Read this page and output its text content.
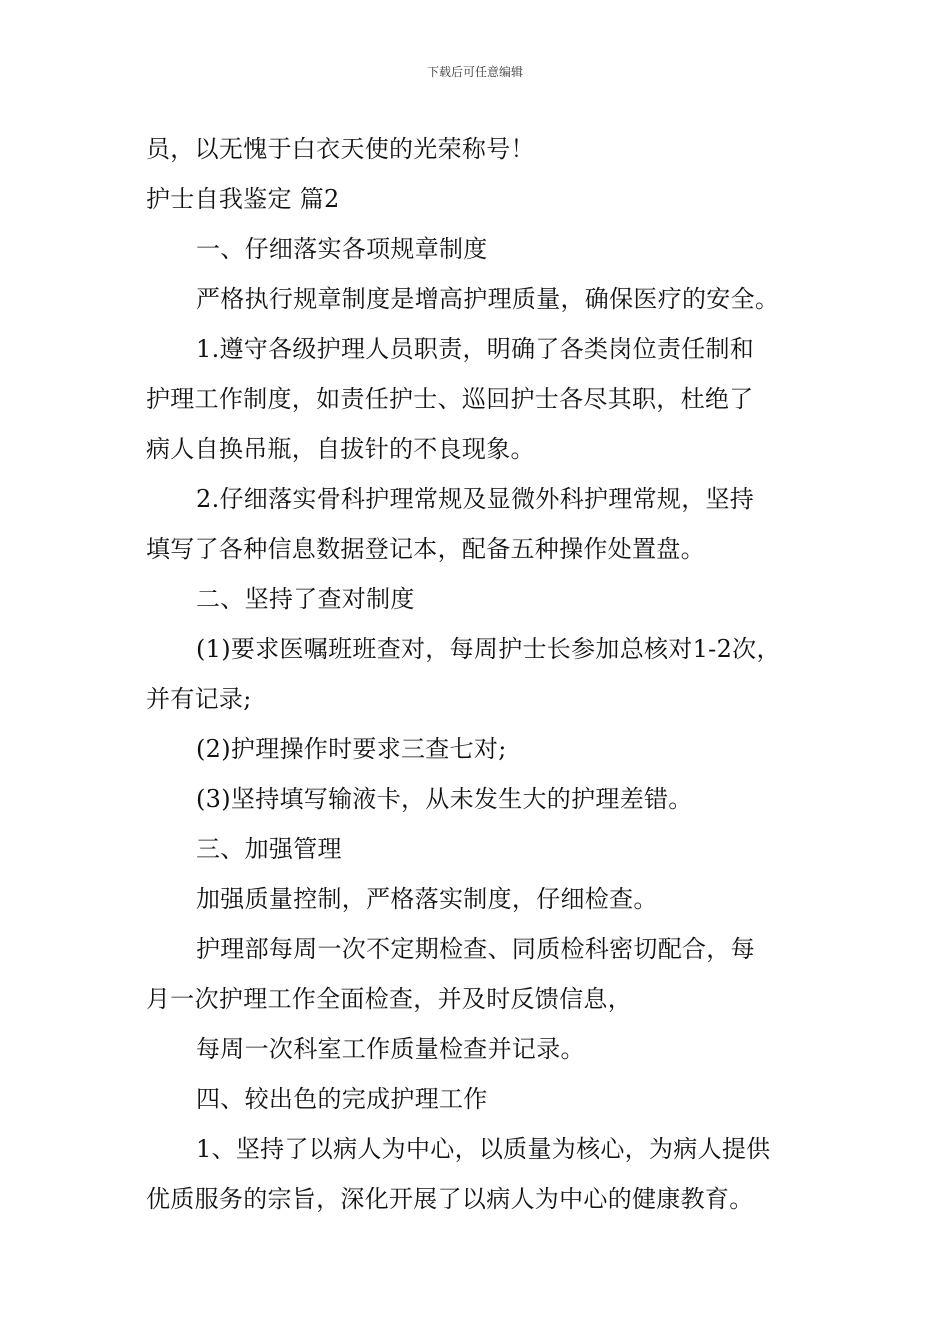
下载后可任意编辑
员，以无愧于白衣天使的光荣称号！
护士自我鉴定 篇2
一、仔细落实各项规章制度
严格执行规章制度是增高护理质量，确保医疗的安全。
1.遵守各级护理人员职责，明确了各类岗位责任制和
护理工作制度，如责任护士、巡回护士各尽其职，杜绝了
病人自换吊瓶，自拔针的不良现象。
2.仔细落实骨科护理常规及显微外科护理常规，坚持
填写了各种信息数据登记本，配备五种操作处置盘。
二、坚持了查对制度
(1)要求医嘱班班查对，每周护士长参加总核对1-2次，
并有记录;
(2)护理操作时要求三查七对;
(3)坚持填写输液卡，从未发生大的护理差错。
三、加强管理
加强质量控制，严格落实制度，仔细检查。
护理部每周一次不定期检查、同质检科密切配合，每
月一次护理工作全面检查，并及时反馈信息，
每周一次科室工作质量检查并记录。
四、较出色的完成护理工作
1、坚持了以病人为中心，以质量为核心，为病人提供
优质服务的宗旨，深化开展了以病人为中心的健康教育。
